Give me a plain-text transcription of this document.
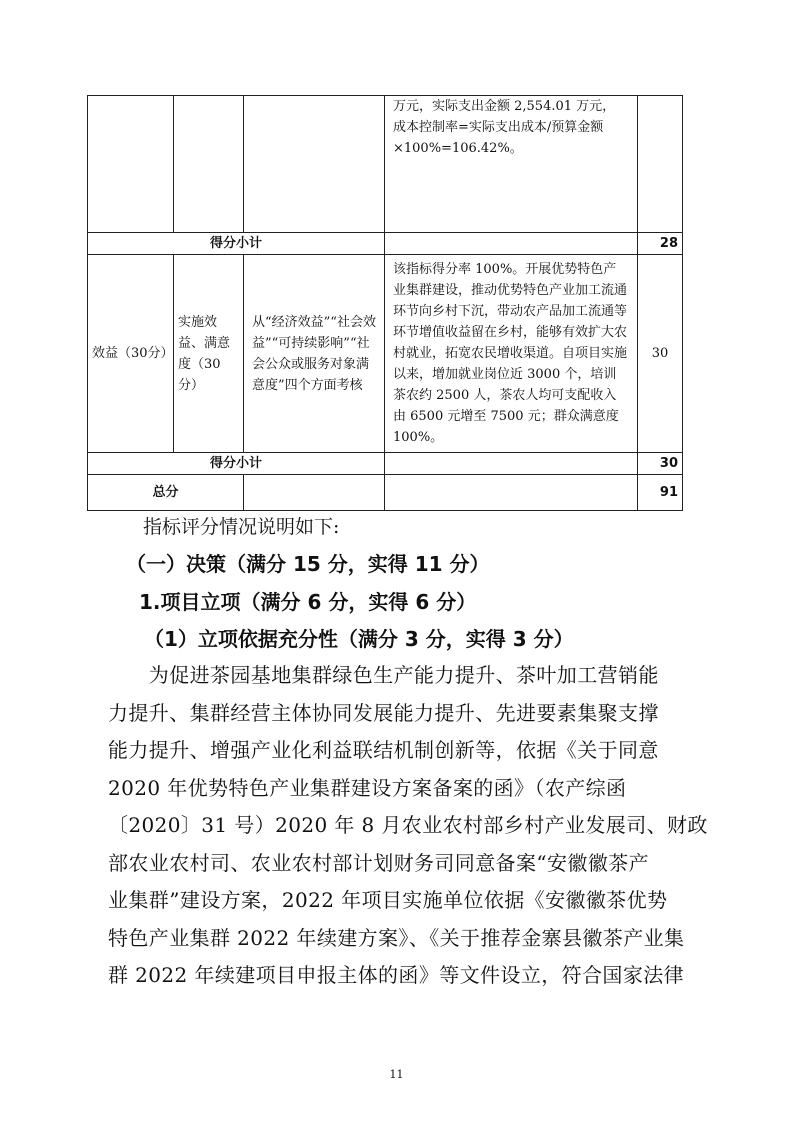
			万元，实际支出金额 2,554.01 万元，
成本控制率=实际支出成本/预算金额
×100%=106.42%。	

得分小计				28
效益（30分）	实施效益、满意度（30分）	从“经济效益”“社会效益”“可持续影响”“社会公众或服务对象满意度”四个方面考核	该指标得分率 100%。开展优势特色产业集群建设，推动优势特色产业加工流通环节向乡村下沉，带动农产品加工流通等环节增值收益留在乡村，能够有效扩大农村就业，拓宽农民增收渠道。自项目实施以来，增加就业岗位近 3000 个，培训茶农约 2500 人，茶农人均可支配收入由 6500 元增至 7500 元；群众满意度 100%。	30
得分小计				30
总分				91
指标评分情况说明如下:
（一）决策（满分 15 分，实得 11 分）
1.项目立项（满分 6 分，实得 6 分）
（1）立项依据充分性（满分 3 分，实得 3 分）
　　为促进茶园基地集群绿色生产能力提升、茶叶加工营销能
力提升、集群经营主体协同发展能力提升、先进要素集聚支撑
能力提升、增强产业化利益联结机制创新等，依据《关于同意
2020 年优势特色产业集群建设方案备案的函》（农产综函
〔2020〕31 号）2020 年 8 月农业农村部乡村产业发展司、财政
部农业农村司、农业农村部计划财务司同意备案“安徽徽茶产
业集群”建设方案，2022 年项目实施单位依据《安徽徽茶优势
特色产业集群 2022 年续建方案》、《关于推荐金寨县徽茶产业集
群 2022 年续建项目申报主体的函》等文件设立，符合国家法律
11
